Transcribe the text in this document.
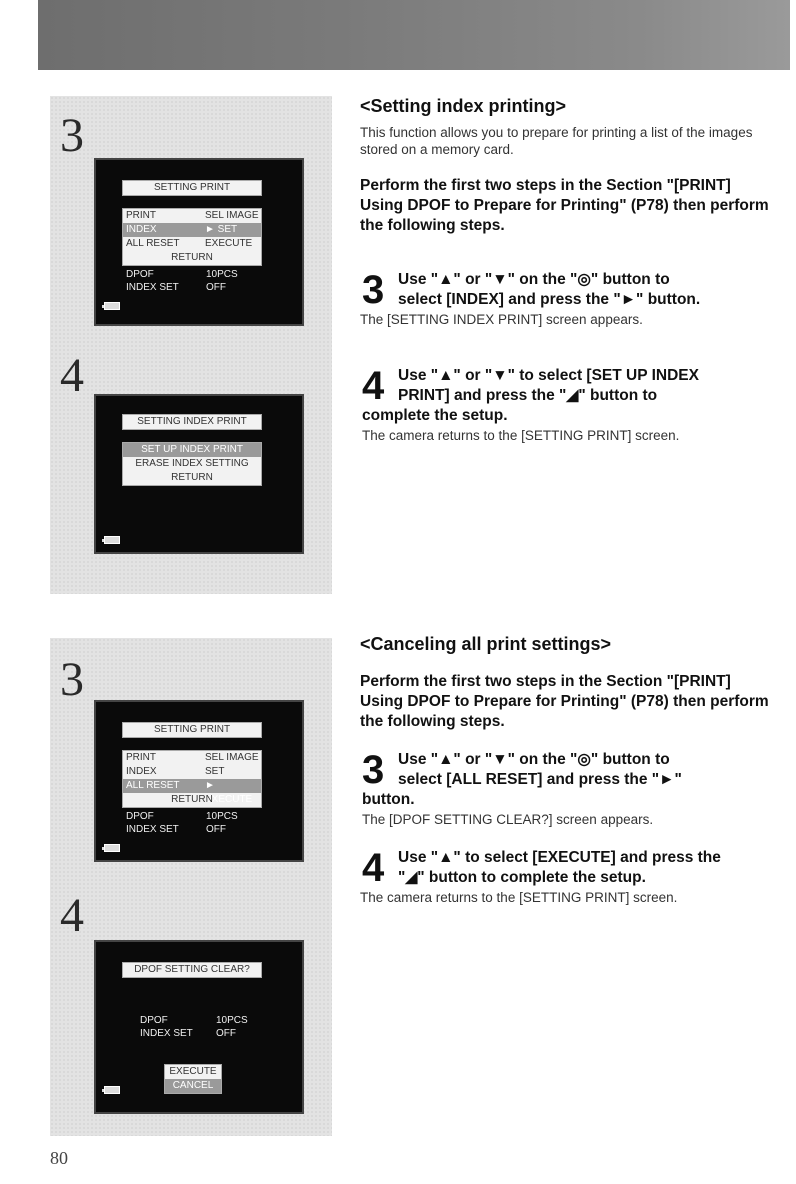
3
SETTING PRINT
PRINT	SEL IMAGE
INDEX	► SET
ALL RESET	EXECUTE
RETURN
DPOF	10PCS
INDEX SET	OFF
4
SETTING INDEX PRINT
SET UP INDEX PRINT
ERASE INDEX SETTING
RETURN
<Setting index printing>
This function allows you to prepare for printing a list of the images stored on a memory card.
Perform the first two steps in the Section "[PRINT] Using DPOF to Prepare for Printing" (P78) then perform the following steps.
3 Use "▲" or "▼" on the "◎" button to
select [INDEX] and press the "►" button.
The [SETTING INDEX PRINT] screen appears.
4 Use "▲" or "▼" to select [SET UP INDEX
PRINT] and press the "◢" button to
complete the setup.
The camera returns to the [SETTING PRINT] screen.
3
SETTING PRINT
PRINT	SEL IMAGE
INDEX	SET
ALL RESET	► EXECUTE
RETURN
DPOF	10PCS
INDEX SET	OFF
4
DPOF SETTING CLEAR?
DPOF	10PCS
INDEX SET OFF
EXECUTE
CANCEL
<Canceling all print settings>
Perform the first two steps in the Section "[PRINT] Using DPOF to Prepare for Printing" (P78) then perform the following steps.
3 Use "▲" or "▼" on the "◎" button to
select [ALL RESET] and press the "►"
button.
The [DPOF SETTING CLEAR?] screen appears.
4 Use "▲" to select [EXECUTE] and press the
"◢" button to complete the setup.
The camera returns to the [SETTING PRINT] screen.
80
